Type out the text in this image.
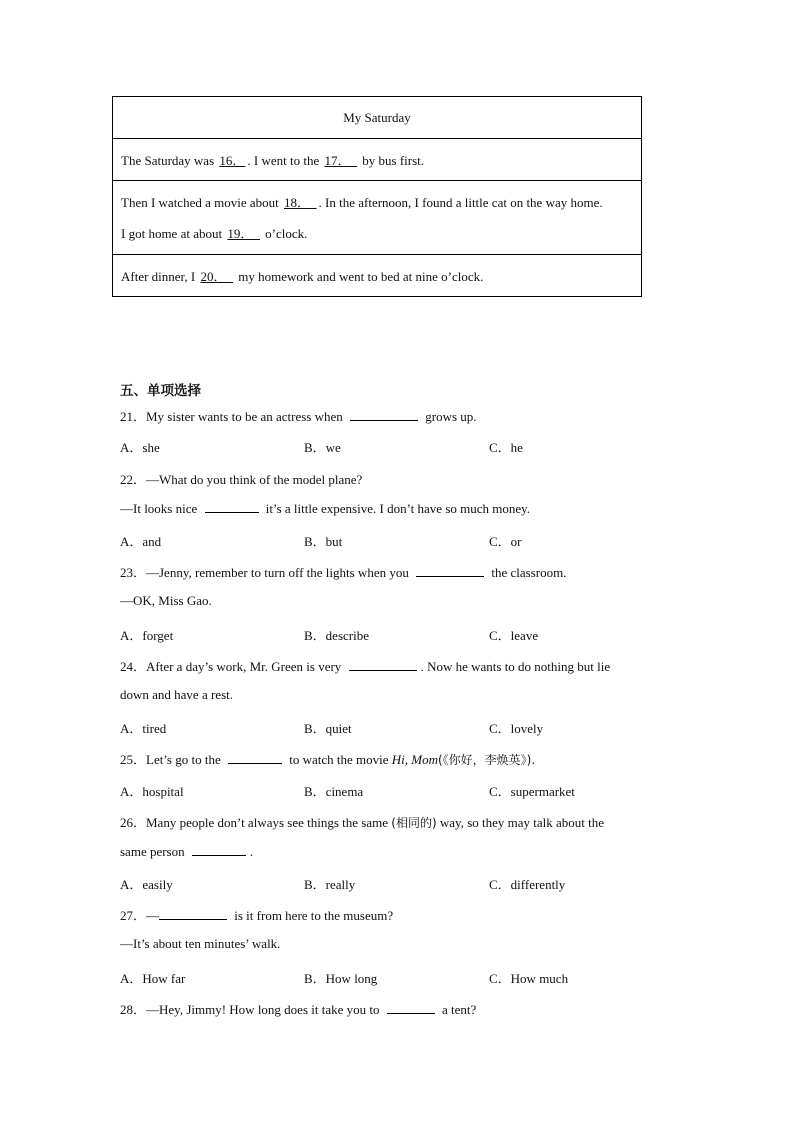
My Saturday
The Saturday was 16． . I went to the 17．_ by bus first.

Then I watched a movie about 18．_ . In the afternoon, I found a little cat on the way home.
I got home at about 19．_ o’clock.

After dinner, I 20．_ my homework and went to bed at nine o’clock.
五、单项选择
21．My sister wants to be an actress when	grows up.
A．she	B．we	C．he
22．—What do you think of the model plane?
—It looks nice	it’s a little expensive. I don’t have so much money.
A．and	B．but	C．or
23．—Jenny, remember to turn off the lights when you	the classroom.
—OK, Miss Gao.
A．forget	B．describe	C．leave
24．After a day’s work, Mr. Green is very	. Now he wants to do nothing but lie
down and have a rest.
A．tired	B．quiet	C．lovely
25．Let’s go to the	to watch the movie Hi, Mom(《你好，李焕英》).
A．hospital	B．cinema	C．supermarket
26．Many people don’t always see things the same (相同的) way, so they may talk about the
same person	.
A．easily	B．really	C．differently
27．—	is it from here to the museum?
—It’s about ten minutes’ walk.
A．How far	B．How long	C．How much
28．—Hey, Jimmy! How long does it take you to	a tent?
